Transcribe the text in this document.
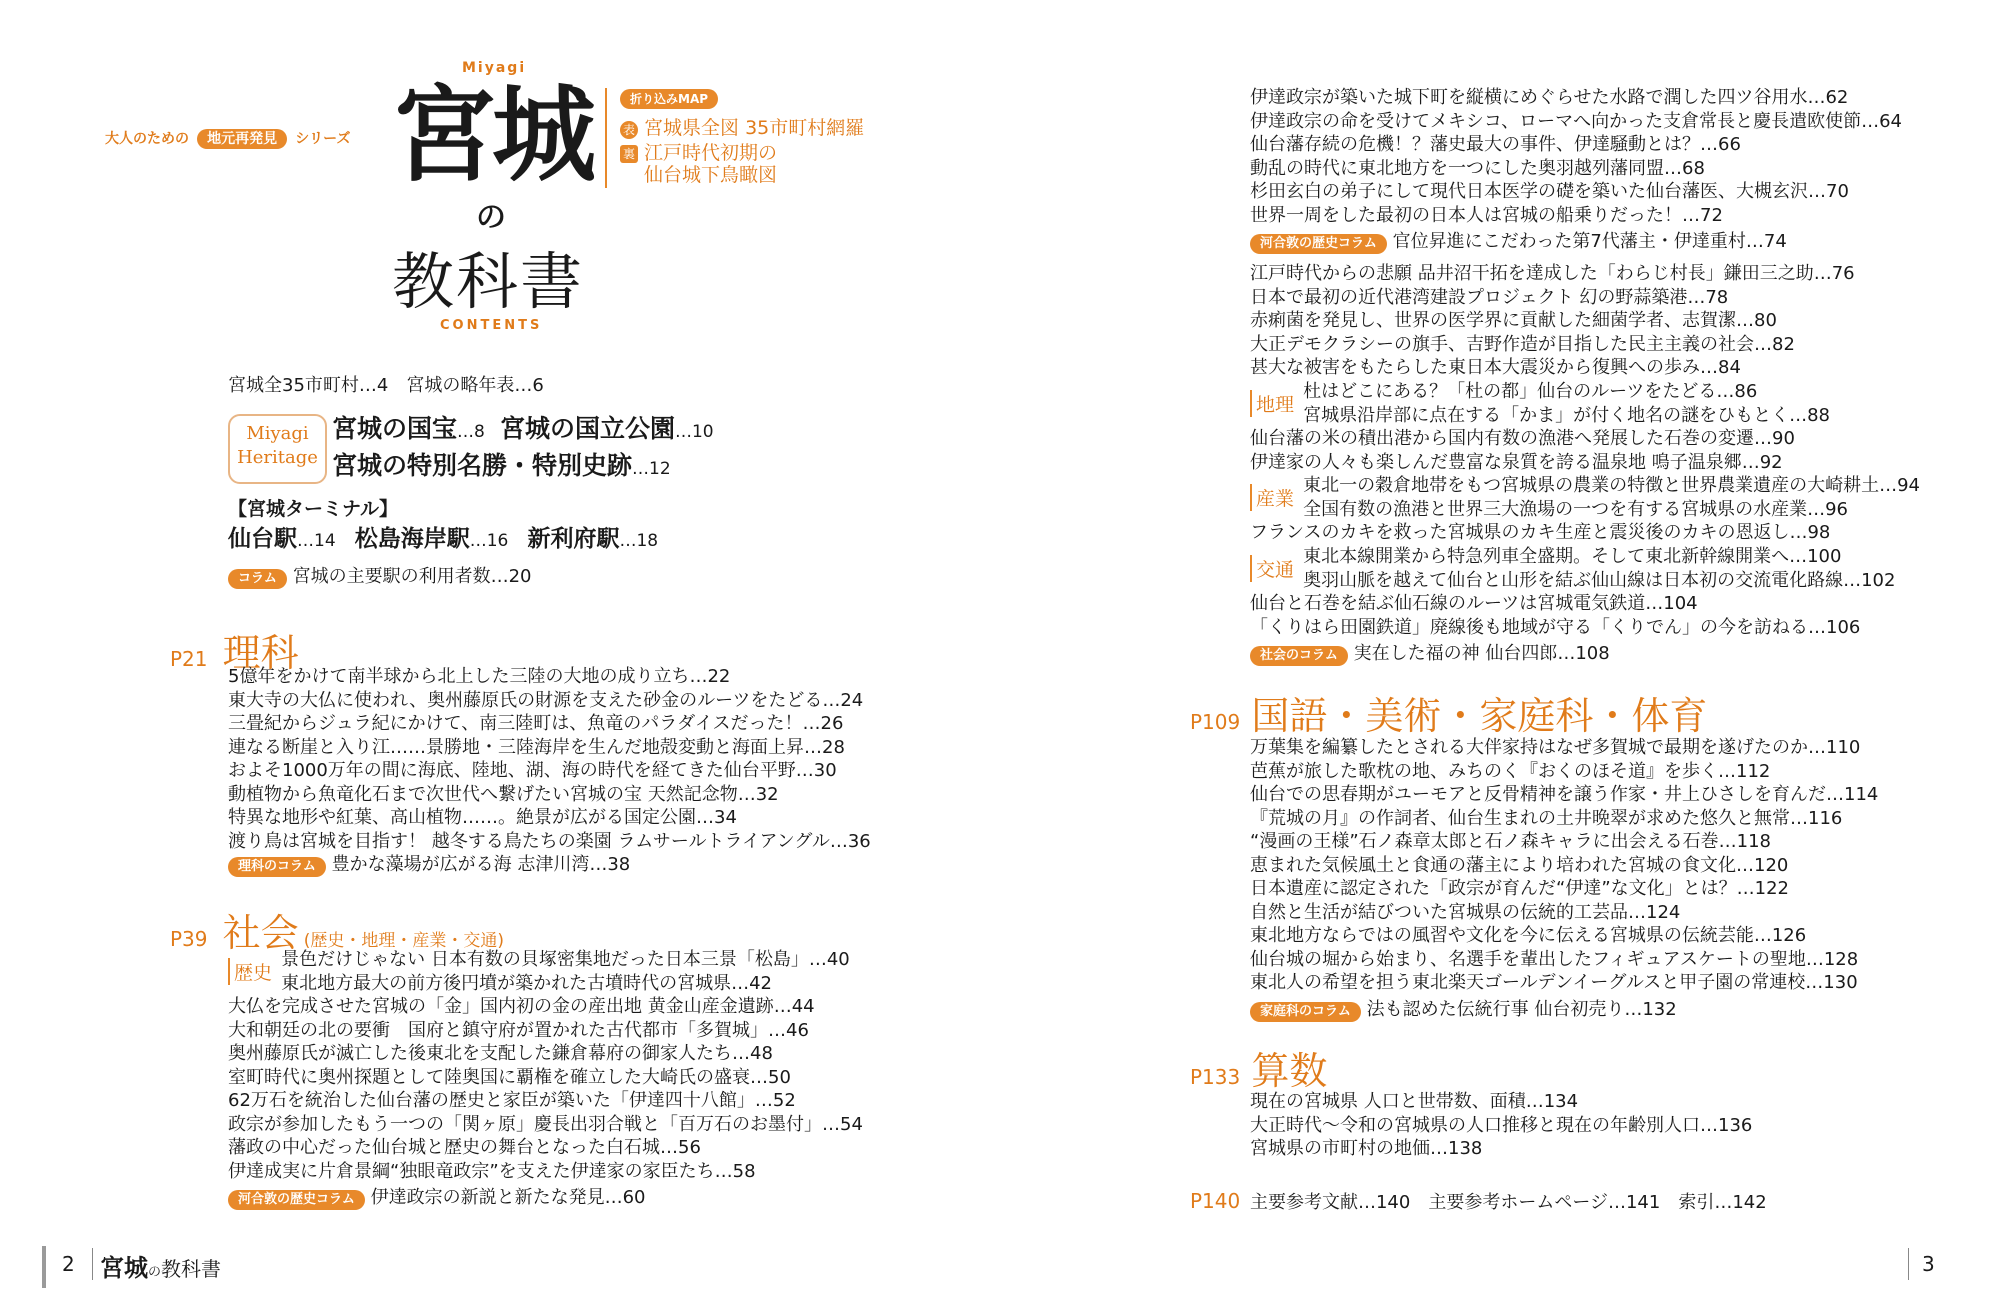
大人のための 地元再発見 シリーズ
Miyagi
宮城
の
教科書
CONTENTS
折り込みMAP
表 宮城県全図 35市町村網羅
裏 江戸時代初期の
仙台城下鳥瞰図
宮城全35市町村…4　宮城の略年表…6
Miyagi
Heritage
宮城の国宝…8 宮城の国立公園…10
宮城の特別名勝・特別史跡…12
【宮城ターミナル】
仙台駅…14 松島海岸駅…16 新利府駅…18
コラム 宮城の主要駅の利用者数…20
P21 理科
5億年をかけて南半球から北上した三陸の大地の成り立ち…22
東大寺の大仏に使われ、奥州藤原氏の財源を支えた砂金のルーツをたどる…24
三畳紀からジュラ紀にかけて、南三陸町は、魚竜のパラダイスだった！…26
連なる断崖と入り江……景勝地・三陸海岸を生んだ地殻変動と海面上昇…28
およそ1000万年の間に海底、陸地、湖、海の時代を経てきた仙台平野…30
動植物から魚竜化石まで次世代へ繋げたい宮城の宝 天然記念物…32
特異な地形や紅葉、高山植物……。絶景が広がる国定公園…34
渡り鳥は宮城を目指す！ 越冬する鳥たちの楽園 ラムサールトライアングル…36
理科のコラム 豊かな藻場が広がる海 志津川湾…38
P39 社会 (歴史・地理・産業・交通)
歴史
景色だけじゃない 日本有数の貝塚密集地だった日本三景「松島」…40
東北地方最大の前方後円墳が築かれた古墳時代の宮城県…42
大仏を完成させた宮城の「金」国内初の金の産出地 黄金山産金遺跡…44
大和朝廷の北の要衝　国府と鎮守府が置かれた古代都市「多賀城」…46
奥州藤原氏が滅亡した後東北を支配した鎌倉幕府の御家人たち…48
室町時代に奥州探題として陸奥国に覇権を確立した大崎氏の盛衰…50
62万石を統治した仙台藩の歴史と家臣が築いた「伊達四十八館」…52
政宗が参加したもう一つの「関ヶ原」慶長出羽合戦と「百万石のお墨付」…54
藩政の中心だった仙台城と歴史の舞台となった白石城…56
伊達成実に片倉景綱“独眼竜政宗”を支えた伊達家の家臣たち…58
河合敦の歴史コラム 伊達政宗の新説と新たな発見…60
伊達政宗が築いた城下町を縦横にめぐらせた水路で潤した四ツ谷用水…62
伊達政宗の命を受けてメキシコ、ローマへ向かった支倉常長と慶長遣欧使節…64
仙台藩存続の危機！？藩史最大の事件、伊達騒動とは？…66
動乱の時代に東北地方を一つにした奥羽越列藩同盟…68
杉田玄白の弟子にして現代日本医学の礎を築いた仙台藩医、大槻玄沢…70
世界一周をした最初の日本人は宮城の船乗りだった！…72
河合敦の歴史コラム 官位昇進にこだわった第7代藩主・伊達重村…74
江戸時代からの悲願 品井沼干拓を達成した「わらじ村長」鎌田三之助…76
日本で最初の近代港湾建設プロジェクト 幻の野蒜築港…78
赤痢菌を発見し、世界の医学界に貢献した細菌学者、志賀潔…80
大正デモクラシーの旗手、吉野作造が目指した民主主義の社会…82
甚大な被害をもたらした東日本大震災から復興への歩み…84
地理
杜はどこにある？「杜の都」仙台のルーツをたどる…86
宮城県沿岸部に点在する「かま」が付く地名の謎をひもとく…88
仙台藩の米の積出港から国内有数の漁港へ発展した石巻の変遷…90
伊達家の人々も楽しんだ豊富な泉質を誇る温泉地 鳴子温泉郷…92
産業
東北一の穀倉地帯をもつ宮城県の農業の特徴と世界農業遺産の大崎耕土…94
全国有数の漁港と世界三大漁場の一つを有する宮城県の水産業…96
フランスのカキを救った宮城県のカキ生産と震災後のカキの恩返し…98
交通
東北本線開業から特急列車全盛期。そして東北新幹線開業へ…100
奥羽山脈を越えて仙台と山形を結ぶ仙山線は日本初の交流電化路線…102
仙台と石巻を結ぶ仙石線のルーツは宮城電気鉄道…104
「くりはら田園鉄道」廃線後も地域が守る「くりでん」の今を訪ねる…106
社会のコラム 実在した福の神 仙台四郎…108
P109 国語・美術・家庭科・体育
万葉集を編纂したとされる大伴家持はなぜ多賀城で最期を遂げたのか…110
芭蕉が旅した歌枕の地、みちのく『おくのほそ道』を歩く…112
仙台での思春期がユーモアと反骨精神を譲う作家・井上ひさしを育んだ…114
『荒城の月』の作詞者、仙台生まれの土井晩翠が求めた悠久と無常…116
“漫画の王様”石ノ森章太郎と石ノ森キャラに出会える石巻…118
恵まれた気候風土と食通の藩主により培われた宮城の食文化…120
日本遺産に認定された「政宗が育んだ“伊達”な文化」とは？…122
自然と生活が結びついた宮城県の伝統的工芸品…124
東北地方ならではの風習や文化を今に伝える宮城県の伝統芸能…126
仙台城の堀から始まり、名選手を輩出したフィギュアスケートの聖地…128
東北人の希望を担う東北楽天ゴールデンイーグルスと甲子園の常連校…130
家庭科のコラム 法も認めた伝統行事 仙台初売り…132
P133 算数
現在の宮城県 人口と世帯数、面積…134
大正時代～令和の宮城県の人口推移と現在の年齢別人口…136
宮城県の市町村の地価…138
P140 主要参考文献…140　主要参考ホームページ…141　索引…142
2 宮城の教科書	3
